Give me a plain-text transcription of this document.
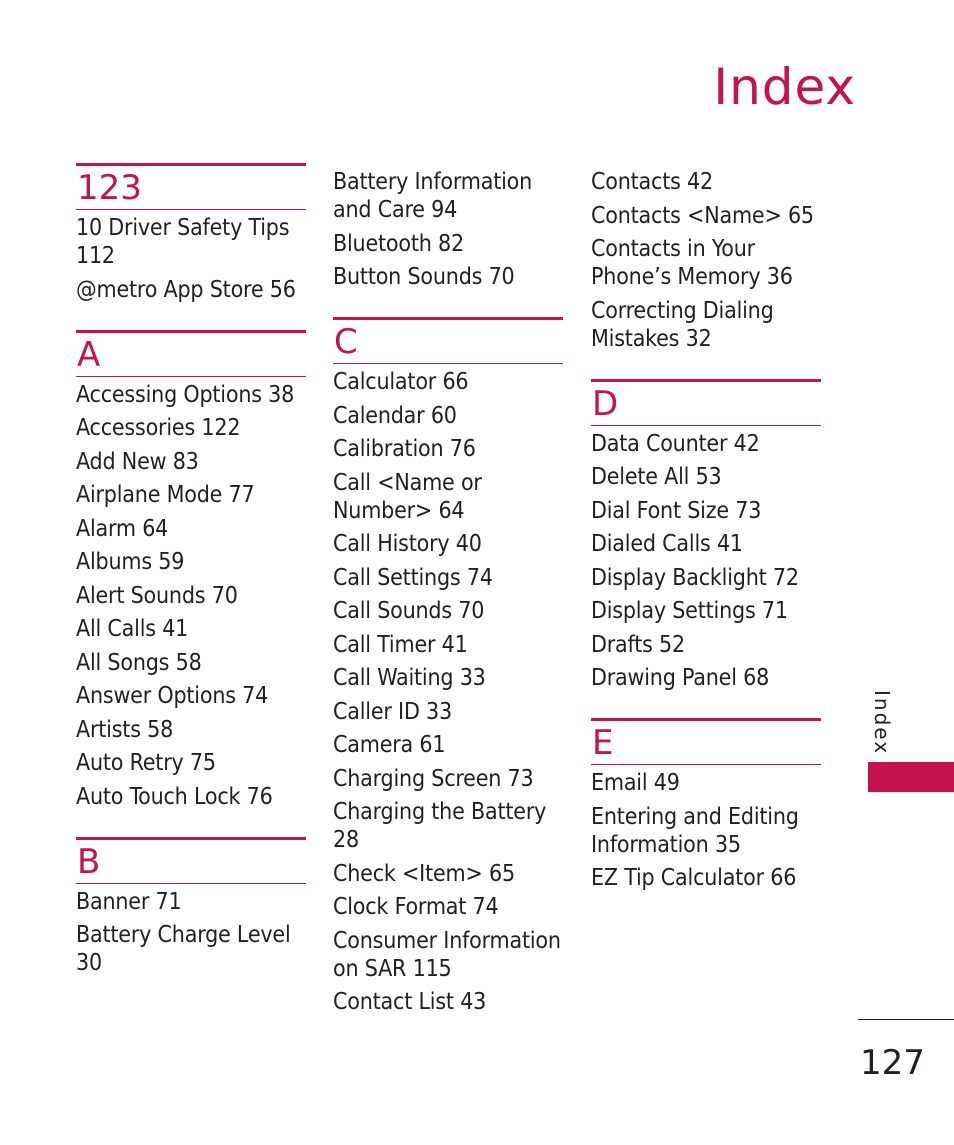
Index
123
10 Driver Safety Tips
112
@metro App Store 56
A
Accessing Options 38
Accessories 122
Add New 83
Airplane Mode 77
Alarm 64
Albums 59
Alert Sounds 70
All Calls 41
All Songs 58
Answer Options 74
Artists 58
Auto Retry 75
Auto Touch Lock 76
B
Banner 71
Battery Charge Level
30
Battery Information
and Care 94
Bluetooth 82
Button Sounds 70
C
Calculator 66
Calendar 60
Calibration 76
Call <Name or
Number> 64
Call History 40
Call Settings 74
Call Sounds 70
Call Timer 41
Call Waiting 33
Caller ID 33
Camera 61
Charging Screen 73
Charging the Battery
28
Check <Item> 65
Clock Format 74
Consumer Information
on SAR 115
Contact List 43
Contacts 42
Contacts <Name> 65
Contacts in Your
Phone’s Memory 36
Correcting Dialing
Mistakes 32
D
Data Counter 42
Delete All 53
Dial Font Size 73
Dialed Calls 41
Display Backlight 72
Display Settings 71
Drafts 52
Drawing Panel 68
E
Email 49
Entering and Editing
Information 35
EZ Tip Calculator 66
Index
127
